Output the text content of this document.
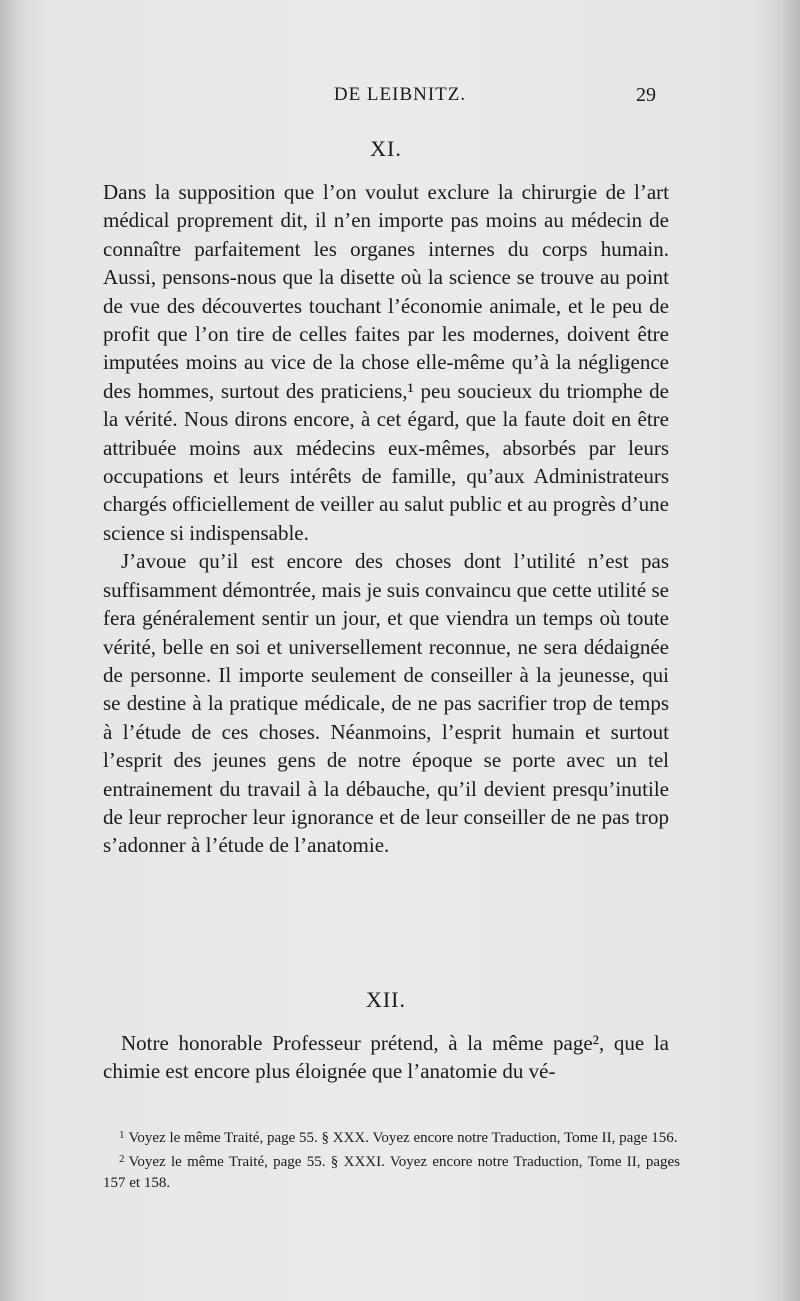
DE LEIBNITZ.	29
XI.

Dans la supposition que l’on voulut exclure la chirurgie de l’art médical proprement dit, il n’en importe pas moins au médecin de connaître parfaitement les organes internes du corps humain. Aussi, pensons-nous que la disette où la science se trouve au point de vue des découvertes touchant l’économie animale, et le peu de profit que l’on tire de celles faites par les modernes, doivent être imputées moins au vice de la chose elle-même qu’à la négligence des hommes, surtout des praticiens,¹ peu soucieux du triomphe de la vérité. Nous dirons encore, à cet égard, que la faute doit en être attribuée moins aux médecins eux-mêmes, absorbés par leurs occupations et leurs intérêts de famille, qu’aux Administrateurs chargés officiellement de veiller au salut public et au progrès d’une science si indispensable.

J’avoue qu’il est encore des choses dont l’utilité n’est pas suffisamment démontrée, mais je suis convaincu que cette utilité se fera généralement sentir un jour, et que viendra un temps où toute vérité, belle en soi et universellement reconnue, ne sera dédaignée de personne. Il importe seulement de conseiller à la jeunesse, qui se destine à la pratique médicale, de ne pas sacrifier trop de temps à l’étude de ces choses. Néanmoins, l’esprit humain et surtout l’esprit des jeunes gens de notre époque se porte avec un tel entrainement du travail à la débauche, qu’il devient presqu’inutile de leur reprocher leur ignorance et de leur conseiller de ne pas trop s’adonner à l’étude de l’anatomie.

XII.

Notre honorable Professeur prétend, à la même page², que la chimie est encore plus éloignée que l’anatomie du vé-

$^1$ Voyez le même Traité, page 55. § XXX. Voyez encore notre Traduction, Tome II, page 156.

$^2$ Voyez le même Traité, page 55. § XXXI. Voyez encore notre Traduction, Tome II, pages 157 et 158.
